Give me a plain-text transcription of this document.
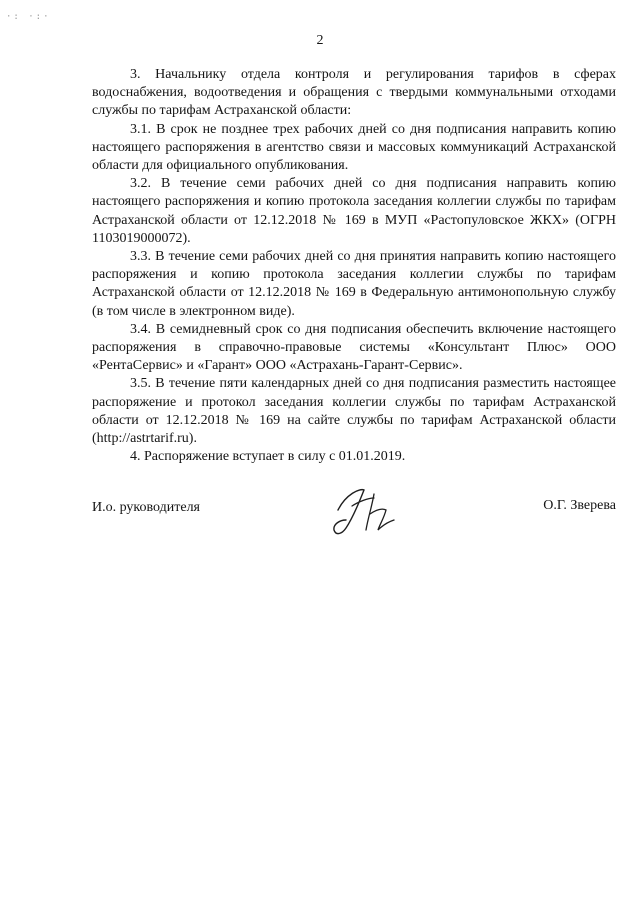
·: ·:·
2

3. Начальнику отдела контроля и регулирования тарифов в сферах водоснабжения, водоотведения и обращения с твердыми коммунальными отходами службы по тарифам Астраханской области:

3.1. В срок не позднее трех рабочих дней со дня подписания направить копию настоящего распоряжения в агентство связи и массовых коммуникаций Астраханской области для официального опубликования.

3.2. В течение семи рабочих дней со дня подписания направить копию настоящего распоряжения и копию протокола заседания коллегии службы по тарифам Астраханской области от 12.12.2018 № 169 в МУП «Растопуловское ЖКХ» (ОГРН 1103019000072).

3.3. В течение семи рабочих дней со дня принятия направить копию настоящего распоряжения и копию протокола заседания коллегии службы по тарифам Астраханской области от 12.12.2018 № 169 в Федеральную антимонопольную службу (в том числе в электронном виде).

3.4. В семидневный срок со дня подписания обеспечить включение настоящего распоряжения в справочно-правовые системы «Консультант Плюс» ООО «РентаСервис» и «Гарант» ООО «Астрахань-Гарант-Сервис».

3.5. В течение пяти календарных дней со дня подписания разместить настоящее распоряжение и протокол заседания коллегии службы по тарифам Астраханской области от 12.12.2018 № 169 на сайте службы по тарифам Астраханской области (http://astrtarif.ru).

4. Распоряжение вступает в силу с 01.01.2019.

И.о. руководителя	О.Г. Зверева
